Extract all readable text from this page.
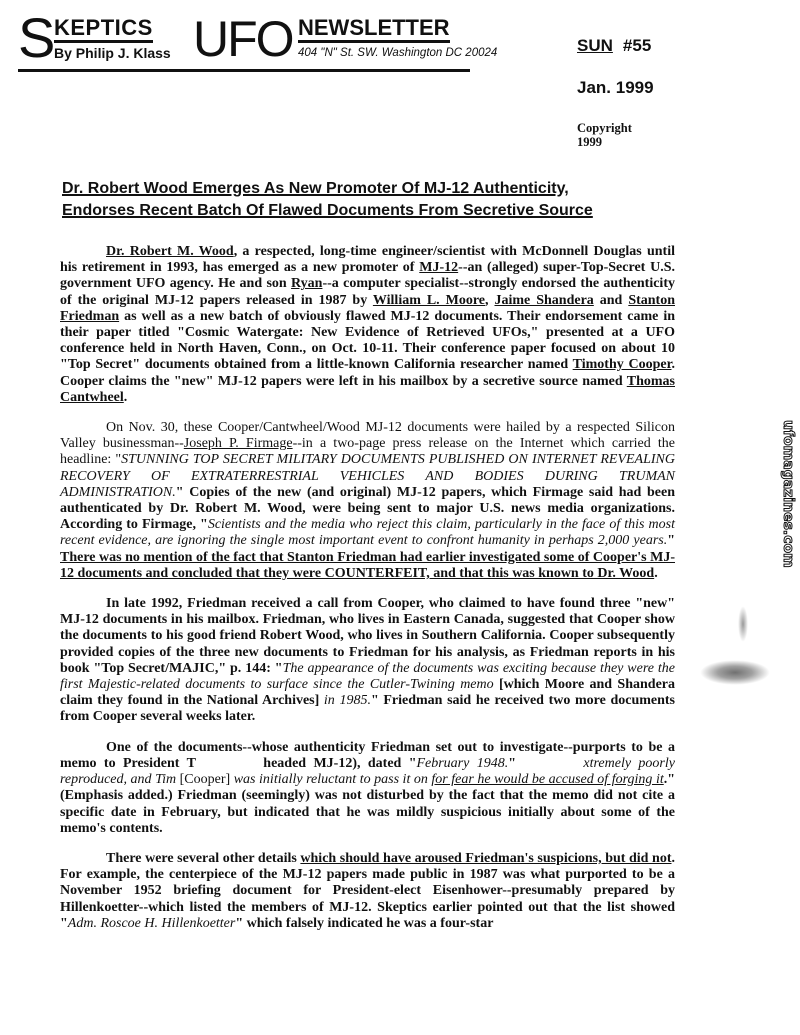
S
KEPTICS
By Philip J. Klass UFO NEWSLETTER
404 "N" St. SW. Washington DC 20024	SUN #55
Jan. 1999
Copyright
1999
Dr. Robert Wood Emerges As New Promoter Of MJ-12 Authenticity,
Endorses Recent Batch Of Flawed Documents From Secretive Source

Dr. Robert M. Wood, a respected, long-time engineer/scientist with McDonnell Douglas until his retirement in 1993, has emerged as a new promoter of MJ-12--an (alleged) super-Top-Secret U.S. government UFO agency. He and son Ryan--a computer specialist--strongly endorsed the authenticity of the original MJ-12 papers released in 1987 by William L. Moore, Jaime Shandera and Stanton Friedman as well as a new batch of obviously flawed MJ-12 documents. Their endorsement came in their paper titled "Cosmic Watergate: New Evidence of Retrieved UFOs," presented at a UFO conference held in North Haven, Conn., on Oct. 10-11. Their conference paper focused on about 10 "Top Secret" documents obtained from a little-known California researcher named Timothy Cooper. Cooper claims the "new" MJ-12 papers were left in his mailbox by a secretive source named Thomas Cantwheel.

On Nov. 30, these Cooper/Cantwheel/Wood MJ-12 documents were hailed by a respected Silicon Valley businessman--Joseph P. Firmage--in a two-page press release on the Internet which carried the headline: "STUNNING TOP SECRET MILITARY DOCUMENTS PUBLISHED ON INTERNET REVEALING RECOVERY OF EXTRATERRESTRIAL VEHICLES AND BODIES DURING TRUMAN ADMINISTRATION." Copies of the new (and original) MJ-12 papers, which Firmage said had been authenticated by Dr. Robert M. Wood, were being sent to major U.S. news media organizations. According to Firmage, "Scientists and the media who reject this claim, particularly in the face of this most recent evidence, are ignoring the single most important event to confront humanity in perhaps 2,000 years." There was no mention of the fact that Stanton Friedman had earlier investigated some of Cooper's MJ-12 documents and concluded that they were COUNTERFEIT, and that this was known to Dr. Wood.

In late 1992, Friedman received a call from Cooper, who claimed to have found three "new" MJ-12 documents in his mailbox. Friedman, who lives in Eastern Canada, suggested that Cooper show the documents to his good friend Robert Wood, who lives in Southern California. Cooper subsequently provided copies of the three new documents to Friedman for his analysis, as Friedman reports in his book "Top Secret/MAJIC," p. 144: "The appearance of the documents was exciting because they were the first Majestic-related documents to surface since the Cutler-Twining memo [which Moore and Shandera claim they found in the National Archives] in 1985." Friedman said he received two more documents from Cooper several weeks later.

One of the documents--whose authenticity Friedman set out to investigate--purports to be a memo to President T	headed MJ-12), dated "February 1948."	xtremely poorly reproduced, and Tim [Cooper] was initially reluctant to pass it on for fear he would be accused of forging it." (Emphasis added.) Friedman (seemingly) was not disturbed by the fact that the memo did not cite a specific date in February, but indicated that he was mildly suspicious initially about some of the memo's contents.

There were several other details which should have aroused Friedman's suspicions, but did not. For example, the centerpiece of the MJ-12 papers made public in 1987 was what purported to be a November 1952 briefing document for President-elect Eisenhower--presumably prepared by Hillenkoetter--which listed the members of MJ-12. Skeptics earlier pointed out that the list showed "Adm. Roscoe H. Hillenkoetter" which falsely indicated he was a four-star

ufomagazines.com
